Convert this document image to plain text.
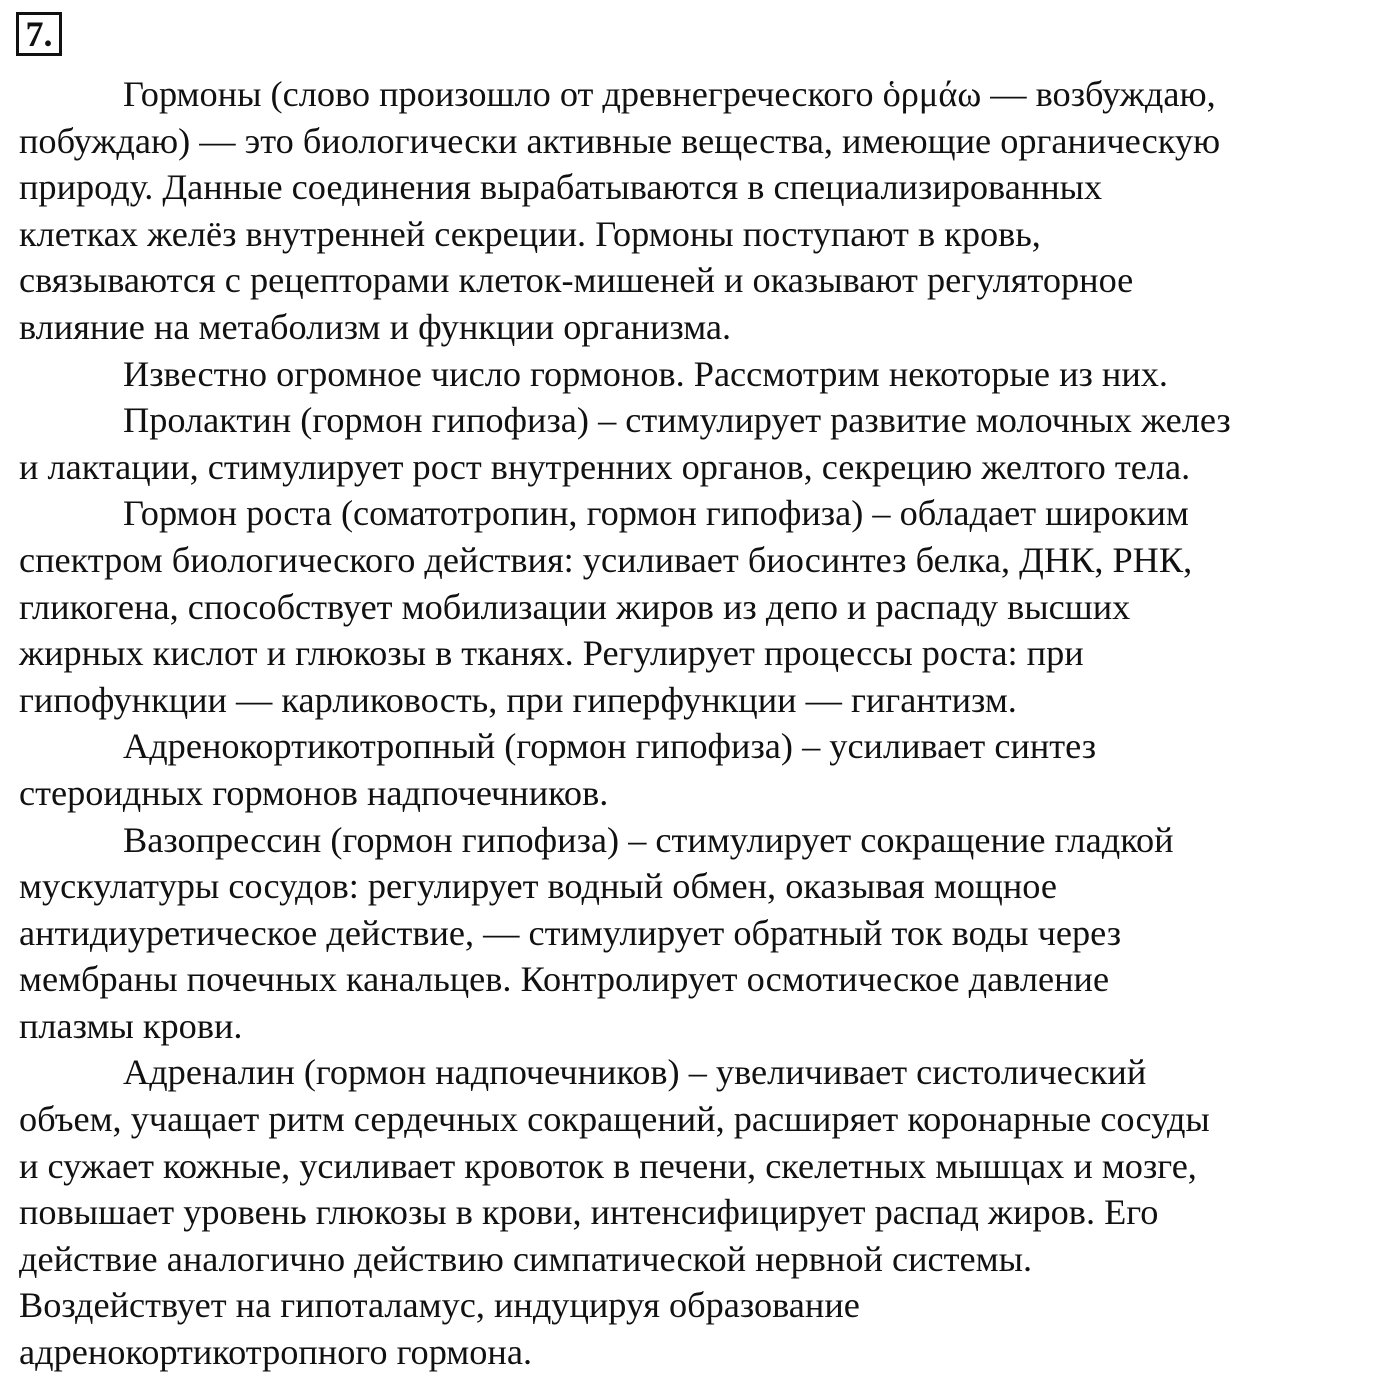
7.
Гормоны (слово произошло от древнегреческого ὁρμάω — возбуждаю,
побуждаю) — это биологически активные вещества, имеющие органическую
природу. Данные соединения вырабатываются в специализированных
клетках желёз внутренней секреции. Гормоны поступают в кровь,
связываются с рецепторами клеток-мишеней и оказывают регуляторное
влияние на метаболизм и функции организма.
Известно огромное число гормонов. Рассмотрим некоторые из них.
Пролактин (гормон гипофиза) – стимулирует развитие молочных желез
и лактации, стимулирует рост внутренних органов, секрецию желтого тела.
Гормон роста (соматотропин, гормон гипофиза) – обладает широким
спектром биологического действия: усиливает биосинтез белка, ДНК, РНК,
гликогена, способствует мобилизации жиров из депо и распаду высших
жирных кислот и глюкозы в тканях. Регулирует процессы роста: при
гипофункции — карликовость, при гиперфункции — гигантизм.
Адренокортикотропный (гормон гипофиза) – усиливает синтез
стероидных гормонов надпочечников.
Вазопрессин (гормон гипофиза) – стимулирует сокращение гладкой
мускулатуры сосудов: регулирует водный обмен, оказывая мощное
антидиуретическое действие, — стимулирует обратный ток воды через
мембраны почечных канальцев. Контролирует осмотическое давление
плазмы крови.
Адреналин (гормон надпочечников) – увеличивает систолический
объем, учащает ритм сердечных сокращений, расширяет коронарные сосуды
и сужает кожные, усиливает кровоток в печени, скелетных мышцах и мозге,
повышает уровень глюкозы в крови, интенсифицирует распад жиров. Его
действие аналогично действию симпатической нервной системы.
Воздействует на гипоталамус, индуцируя образование
адренокортикотропного гормона.
